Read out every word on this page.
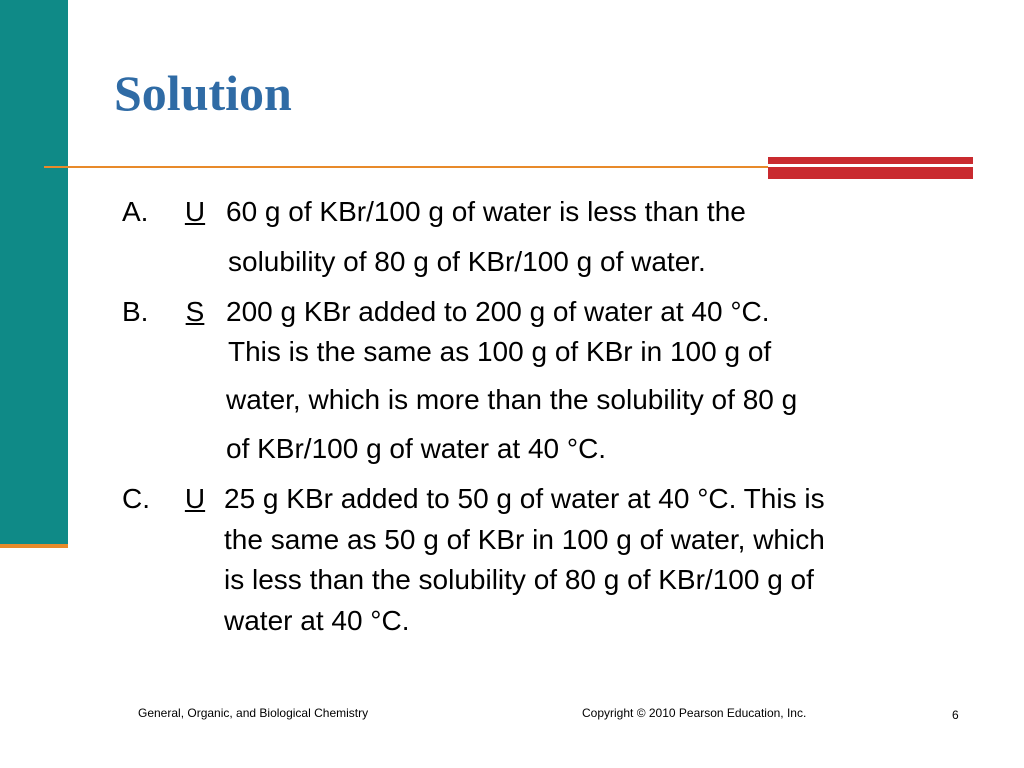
Solution
A.	U 60 g of KBr/100 g of water is less than the
solubility of 80 g of KBr/100 g of water.
B.	S 200 g KBr added to 200 g of water at 40 °C.
This is the same as 100 g of KBr in 100 g of
water, which is more than the solubility of 80 g
of KBr/100 g of water at 40 °C.
C.	U 25 g KBr added to 50 g of water at 40 °C. This is
the same as 50 g of KBr in 100 g of water, which
is less than the solubility of 80 g of KBr/100 g of
water at 40 °C.
General, Organic, and Biological Chemistry	Copyright © 2010 Pearson Education, Inc.	6
